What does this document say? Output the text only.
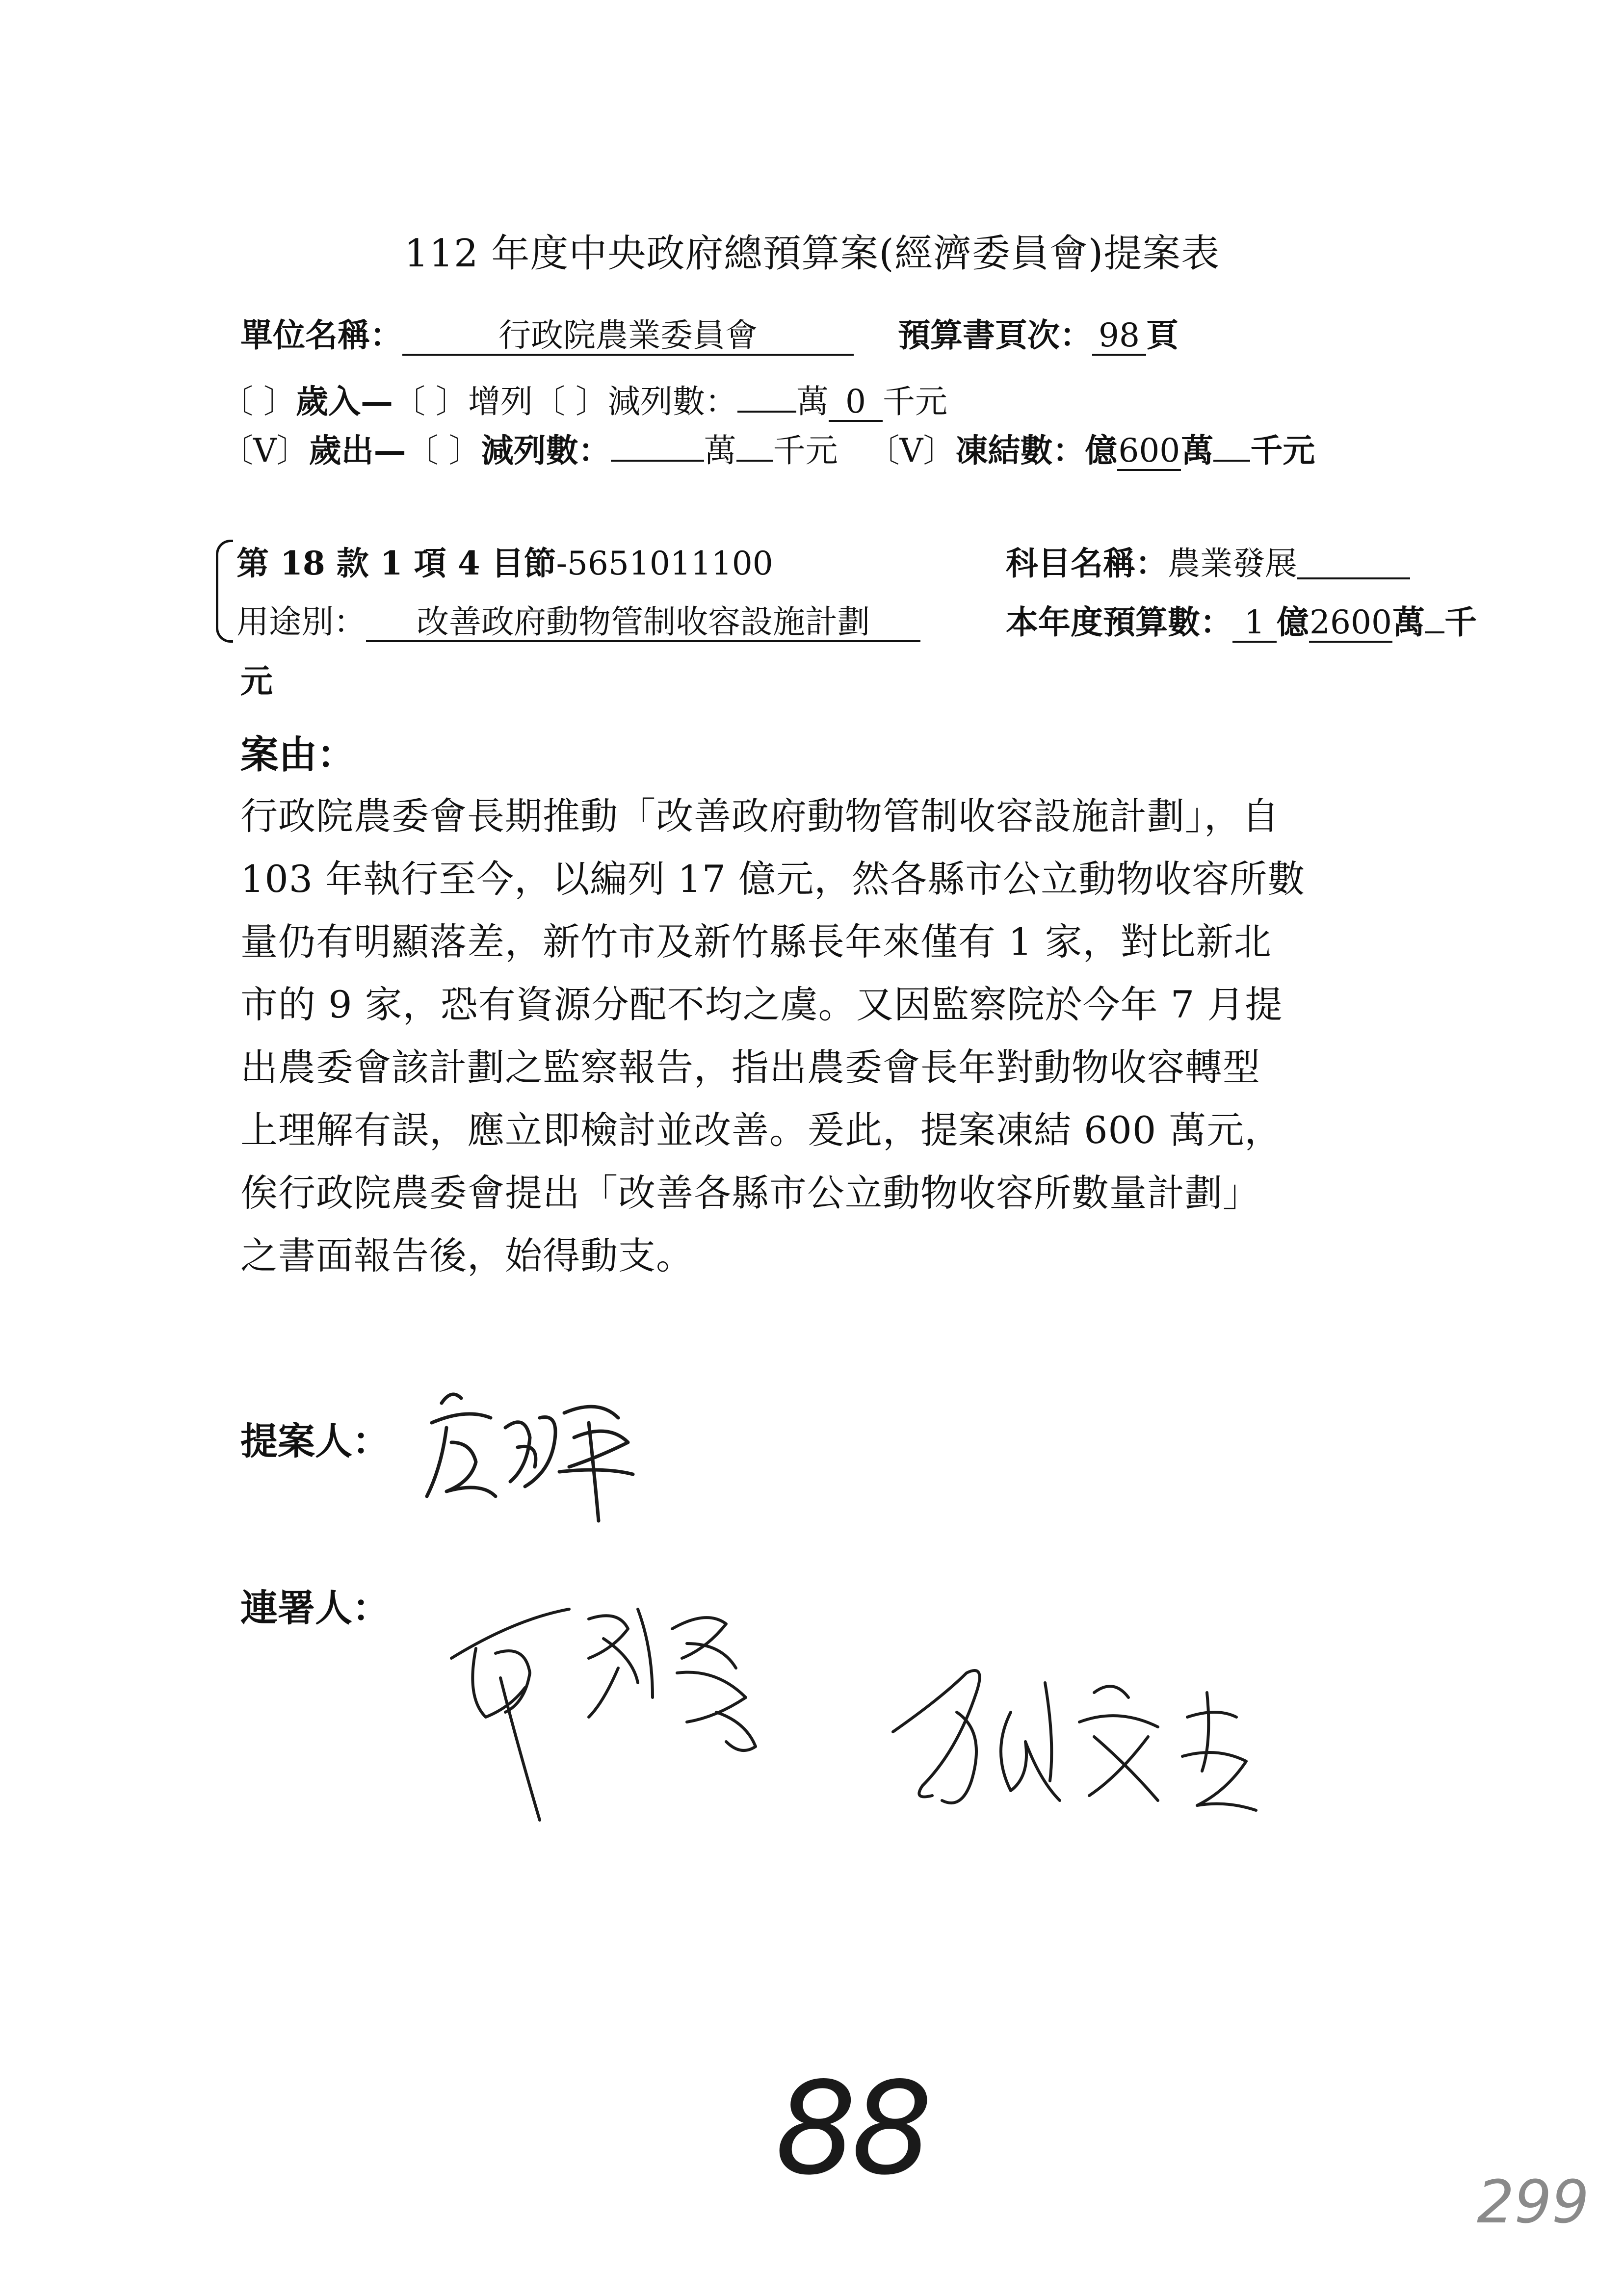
112 年度中央政府總預算案(經濟委員會)提案表
單位名稱：	行政院農業委員會	預算書頁次： 98 頁
〔 〕歲入—〔 〕增列〔 〕減列數： 萬 0 千元
〔V〕歲出—〔 〕減列數：	萬 千元 〔V〕凍結數：億600萬 千元
第 18 款 1 項 4 目節-5651011100	科目名稱：農業發展
用途別： 改善政府動物管制收容設施計劃	本年度預算數： 1 億2600萬 千
元
案由：
行政院農委會長期推動「改善政府動物管制收容設施計劃」，自
103 年執行至今，以編列 17 億元，然各縣市公立動物收容所數
量仍有明顯落差，新竹市及新竹縣長年來僅有 1 家，對比新北
市的 9 家，恐有資源分配不均之虞。又因監察院於今年 7 月提
出農委會該計劃之監察報告，指出農委會長年對動物收容轉型
上理解有誤，應立即檢討並改善。爰此，提案凍結 600 萬元，
俟行政院農委會提出「改善各縣市公立動物收容所數量計劃」
之書面報告後，始得動支。
提案人：
連署人：
88	299
